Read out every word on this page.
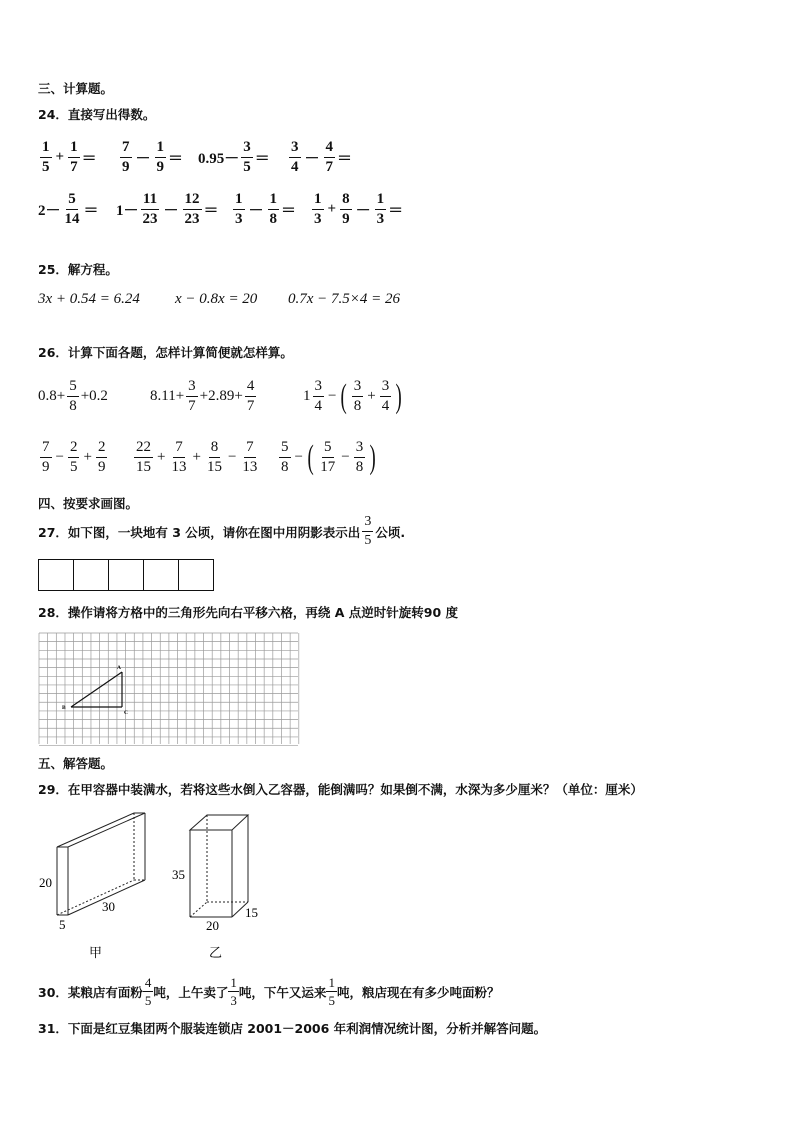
三、计算题。
24．直接写出得数。
$\frac{1}{5} + \frac{1}{7} = \frac{7}{9} - \frac{1}{9} = 0.95- \frac{3}{5} = \frac{3}{4} - \frac{4}{7}$ ＝
$2- \frac{5}{14} = 1- \frac{11}{23} - \frac{12}{23} = \frac{1}{3} - \frac{1}{8} = \frac{1}{3} + \frac{8}{9} - \frac{1}{3}$ ＝
25．解方程。
3x + 0.54 = 6.24 x − 0.8x = 20 0.7x − 7.5×4 = 26
26．计算下面各题，怎样计算简便就怎样算。
$0.8+ \frac{5}{8} +0.2$	$8.11+ \frac{3}{7} +2.89+ \frac{4}{7}$	$1 \frac{3}{4}$ − ( $\frac{3}{8} + \frac{3}{4}$ )
$\frac{7}{9} - \frac{2}{5} + \frac{2}{9} \frac{22}{15} + \frac{7}{13} + \frac{8}{15} - \frac{7}{13} \frac{5}{8}$ − ( $\frac{5}{17} - \frac{3}{8}$ )
四、按要求画图。
27．如下图，一块地有 3 公顷，请你在图中用阴影表示出 $\frac{3}{5}$ 公顷.
28．操作请将方格中的三角形先向右平移六格，再绕 A 点逆时针旋转90 度
A
B
C
五、解答题。
29．在甲容器中装满水，若将这些水倒入乙容器，能倒满吗？如果倒不满，水深为多少厘米？（单位：厘米）
20
30
5
甲
35
20
15
乙
30．某粮店有面粉 $\frac{4}{5}$ 吨，上午卖了 $\frac{1}{3}$ 吨，下午又运来 $\frac{1}{5}$ 吨，粮店现在有多少吨面粉？
31．下面是红豆集团两个服装连锁店 2001－2006 年利润情况统计图，分析并解答问题。
